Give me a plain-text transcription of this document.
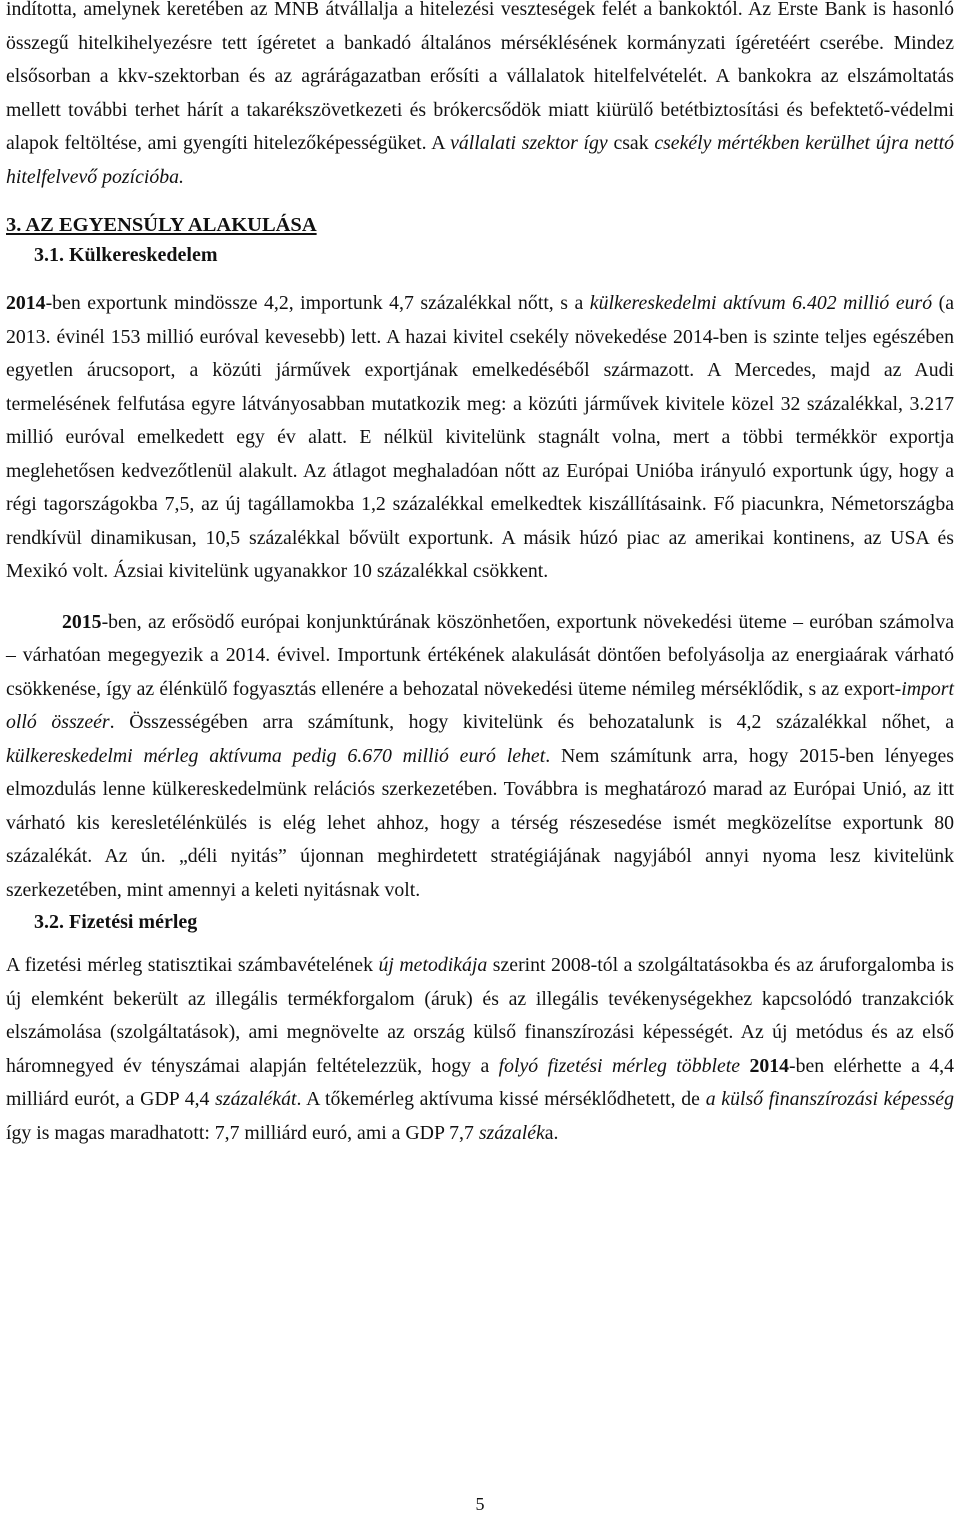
indította, amelynek keretében az MNB átvállalja a hitelezési veszteségek felét a bankoktól. Az Erste Bank is hasonló összegű hitelkihelyezésre tett ígéretet a bankadó általános mérséklésének kormányzati ígéretéért cserébe. Mindez elsősorban a kkv-szektorban és az agrárágazatban erősíti a vállalatok hitelfelvételét. A bankokra az elszámoltatás mellett további terhet hárít a takarékszövetkezeti és brókercsődök miatt kiürülő betétbiztosítási és befektető-védelmi alapok feltöltése, ami gyengíti hitelezőképességüket. A vállalati szektor így csak csekély mértékben kerülhet újra nettó hitelfelvevő pozícióba.

3. AZ EGYENSÚLY ALAKULÁSA
3.1. Külkereskedelem

2014-ben exportunk mindössze 4,2, importunk 4,7 százalékkal nőtt, s a külkereskedelmi aktívum 6.402 millió euró (a 2013. évinél 153 millió euróval kevesebb) lett. A hazai kivitel csekély növekedése 2014-ben is szinte teljes egészében egyetlen árucsoport, a közúti járművek exportjának emelkedéséből származott. A Mercedes, majd az Audi termelésének felfutása egyre látványosabban mutatkozik meg: a közúti járművek kivitele közel 32 százalékkal, 3.217 millió euróval emelkedett egy év alatt. E nélkül kivitelünk stagnált volna, mert a többi termékkör exportja meglehetősen kedvezőtlenül alakult. Az átlagot meghaladóan nőtt az Európai Unióba irányuló exportunk úgy, hogy a régi tagországokba 7,5, az új tagállamokba 1,2 százalékkal emelkedtek kiszállításaink. Fő piacunkra, Németországba rendkívül dinamikusan, 10,5 százalékkal bővült exportunk. A másik húzó piac az amerikai kontinens, az USA és Mexikó volt. Ázsiai kivitelünk ugyanakkor 10 százalékkal csökkent.

2015-ben, az erősödő európai konjunktúrának köszönhetően, exportunk növekedési üteme – euróban számolva – várhatóan megegyezik a 2014. évivel. Importunk értékének alakulását döntően befolyásolja az energiaárak várható csökkenése, így az élénkülő fogyasztás ellenére a behozatal növekedési üteme némileg mérséklődik, s az export-import olló összeér. Összességében arra számítunk, hogy kivitelünk és behozatalunk is 4,2 százalékkal nőhet, a külkereskedelmi mérleg aktívuma pedig 6.670 millió euró lehet. Nem számítunk arra, hogy 2015-ben lényeges elmozdulás lenne külkereskedelmünk relációs szerkezetében. Továbbra is meghatározó marad az Európai Unió, az itt várható kis keresletélénkülés is elég lehet ahhoz, hogy a térség részesedése ismét megközelítse exportunk 80 százalékát. Az ún. „déli nyitás” újonnan meghirdetett stratégiájának nagyjából annyi nyoma lesz kivitelünk szerkezetében, mint amennyi a keleti nyitásnak volt.

3.2. Fizetési mérleg

A fizetési mérleg statisztikai számbavételének új metodikája szerint 2008-tól a szolgáltatásokba és az áruforgalomba is új elemként bekerült az illegális termékforgalom (áruk) és az illegális tevékenységekhez kapcsolódó tranzakciók elszámolása (szolgáltatások), ami megnövelte az ország külső finanszírozási képességét. Az új metódus és az első háromnegyed év tényszámai alapján feltételezzük, hogy a folyó fizetési mérleg többlete 2014-ben elérhette a 4,4 milliárd eurót, a GDP 4,4 százalékát. A tőkemérleg aktívuma kissé mérséklődhetett, de a külső finanszírozási képesség így is magas maradhatott: 7,7 milliárd euró, ami a GDP 7,7 százaléka.

5
